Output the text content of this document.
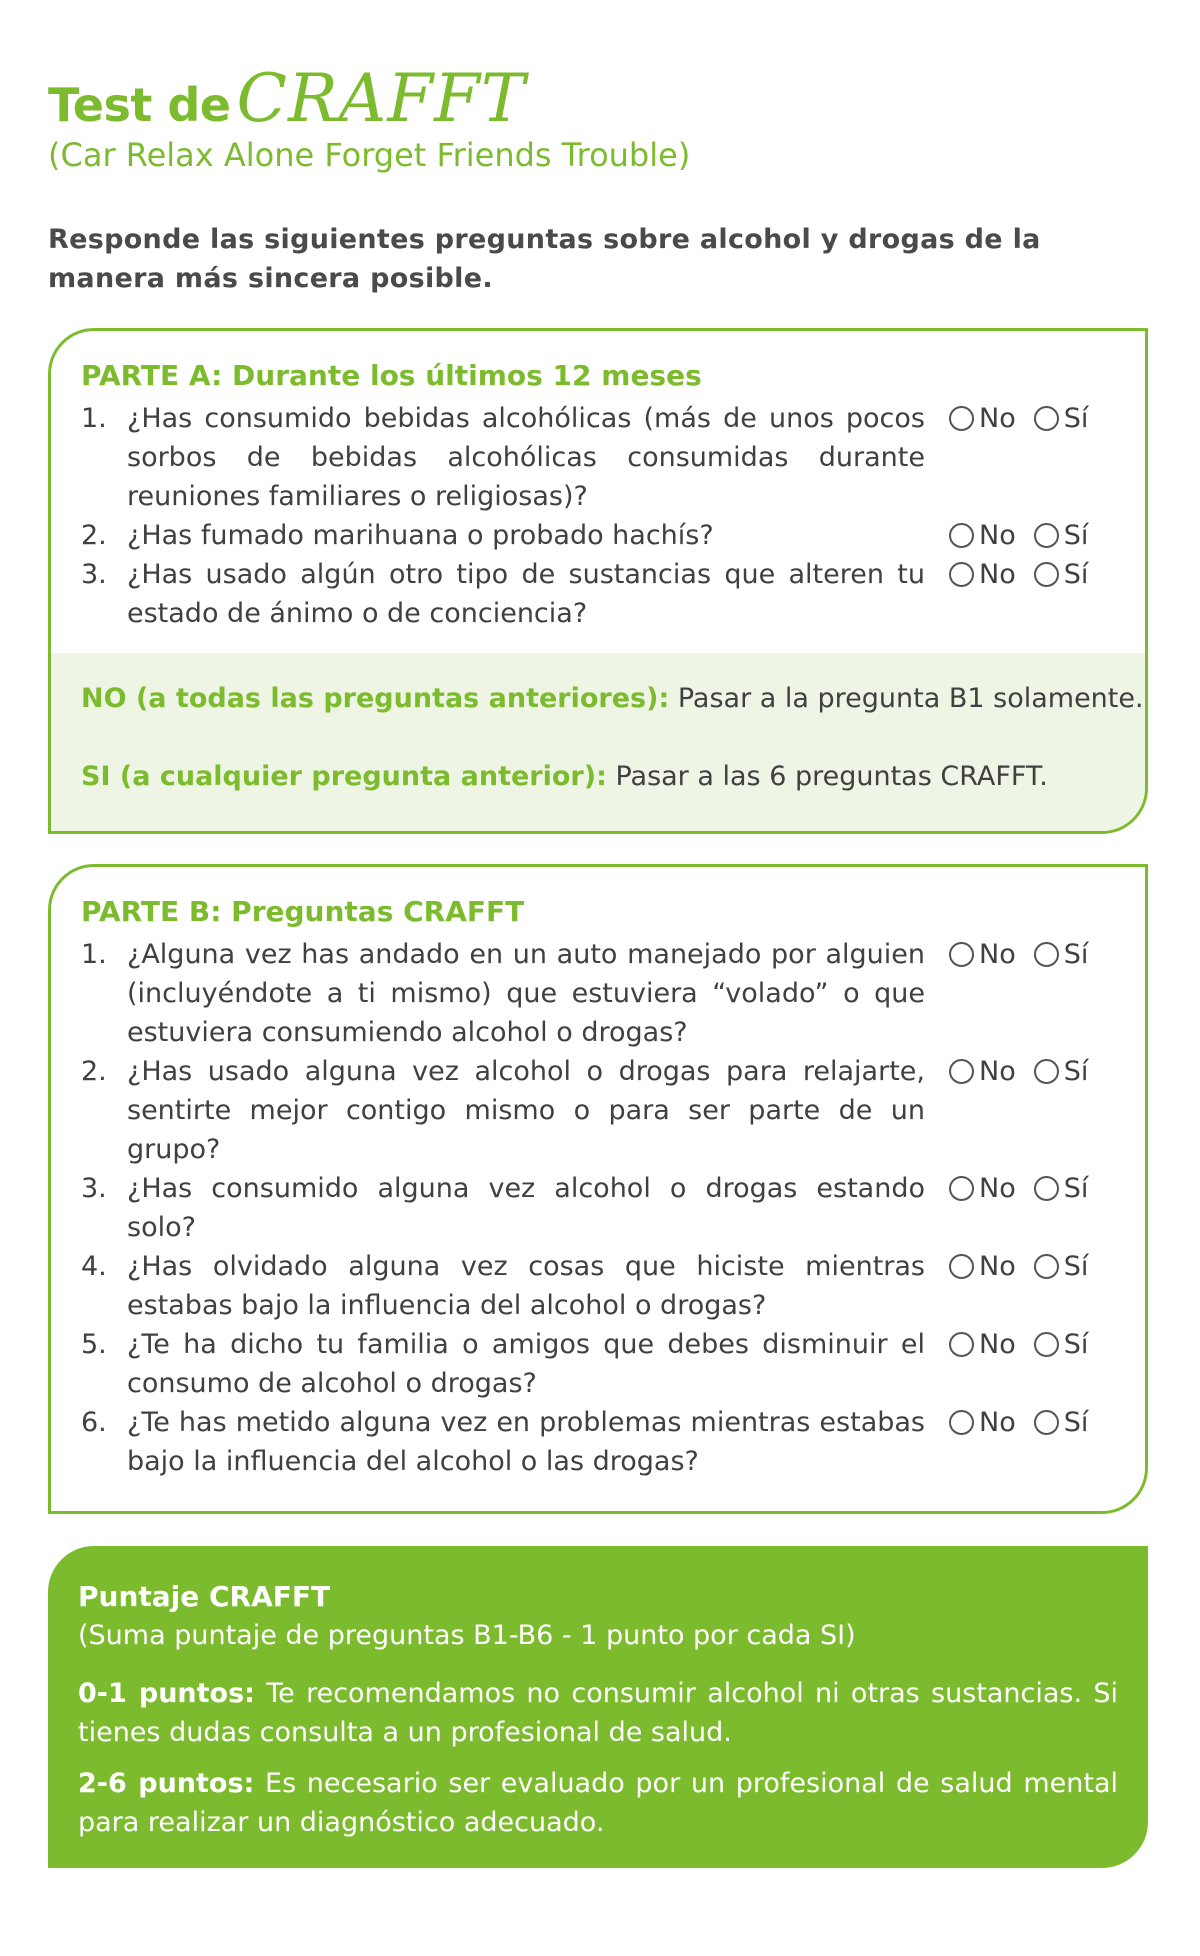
Test deCRAFFT
(Car Relax Alone Forget Friends Trouble)
Responde las siguientes preguntas sobre alcohol y drogas de la manera más sincera posible.
PARTE A: Durante los últimos 12 meses
1. ¿Has consumido bebidas alcohólicas (más de unos pocos sorbos de bebidas alcohólicas consumidas durante reuniones familiares o religiosas)?
No Sí
2. ¿Has fumado marihuana o probado hachís?	No Sí
3. ¿Has usado algún otro tipo de sustancias que alteren tu estado de ánimo o de conciencia?
No Sí
NO (a todas las preguntas anteriores): Pasar a la pregunta B1 solamente.
SI (a cualquier pregunta anterior): Pasar a las 6 preguntas CRAFFT.
PARTE B: Preguntas CRAFFT
1. ¿Alguna vez has andado en un auto manejado por alguien (incluyéndote a ti mismo) que estuviera “volado” o que estuviera consumiendo alcohol o drogas?
No Sí
2. ¿Has usado alguna vez alcohol o drogas para relajarte, sentirte mejor contigo mismo o para ser parte de un grupo?
No Sí
3. ¿Has consumido alguna vez alcohol o drogas estando solo?
No Sí
4. ¿Has olvidado alguna vez cosas que hiciste mientras estabas bajo la influencia del alcohol o drogas?
No Sí
5. ¿Te ha dicho tu familia o amigos que debes disminuir el consumo de alcohol o drogas?
No Sí
6. ¿Te has metido alguna vez en problemas mientras estabas bajo la influencia del alcohol o las drogas?
No Sí
Puntaje CRAFFT
(Suma puntaje de preguntas B1-B6 - 1 punto por cada SI)
0-1 puntos: Te recomendamos no consumir alcohol ni otras sustancias. Si tienes dudas consulta a un profesional de salud.
2-6 puntos: Es necesario ser evaluado por un profesional de salud mental para realizar un diagnóstico adecuado.
